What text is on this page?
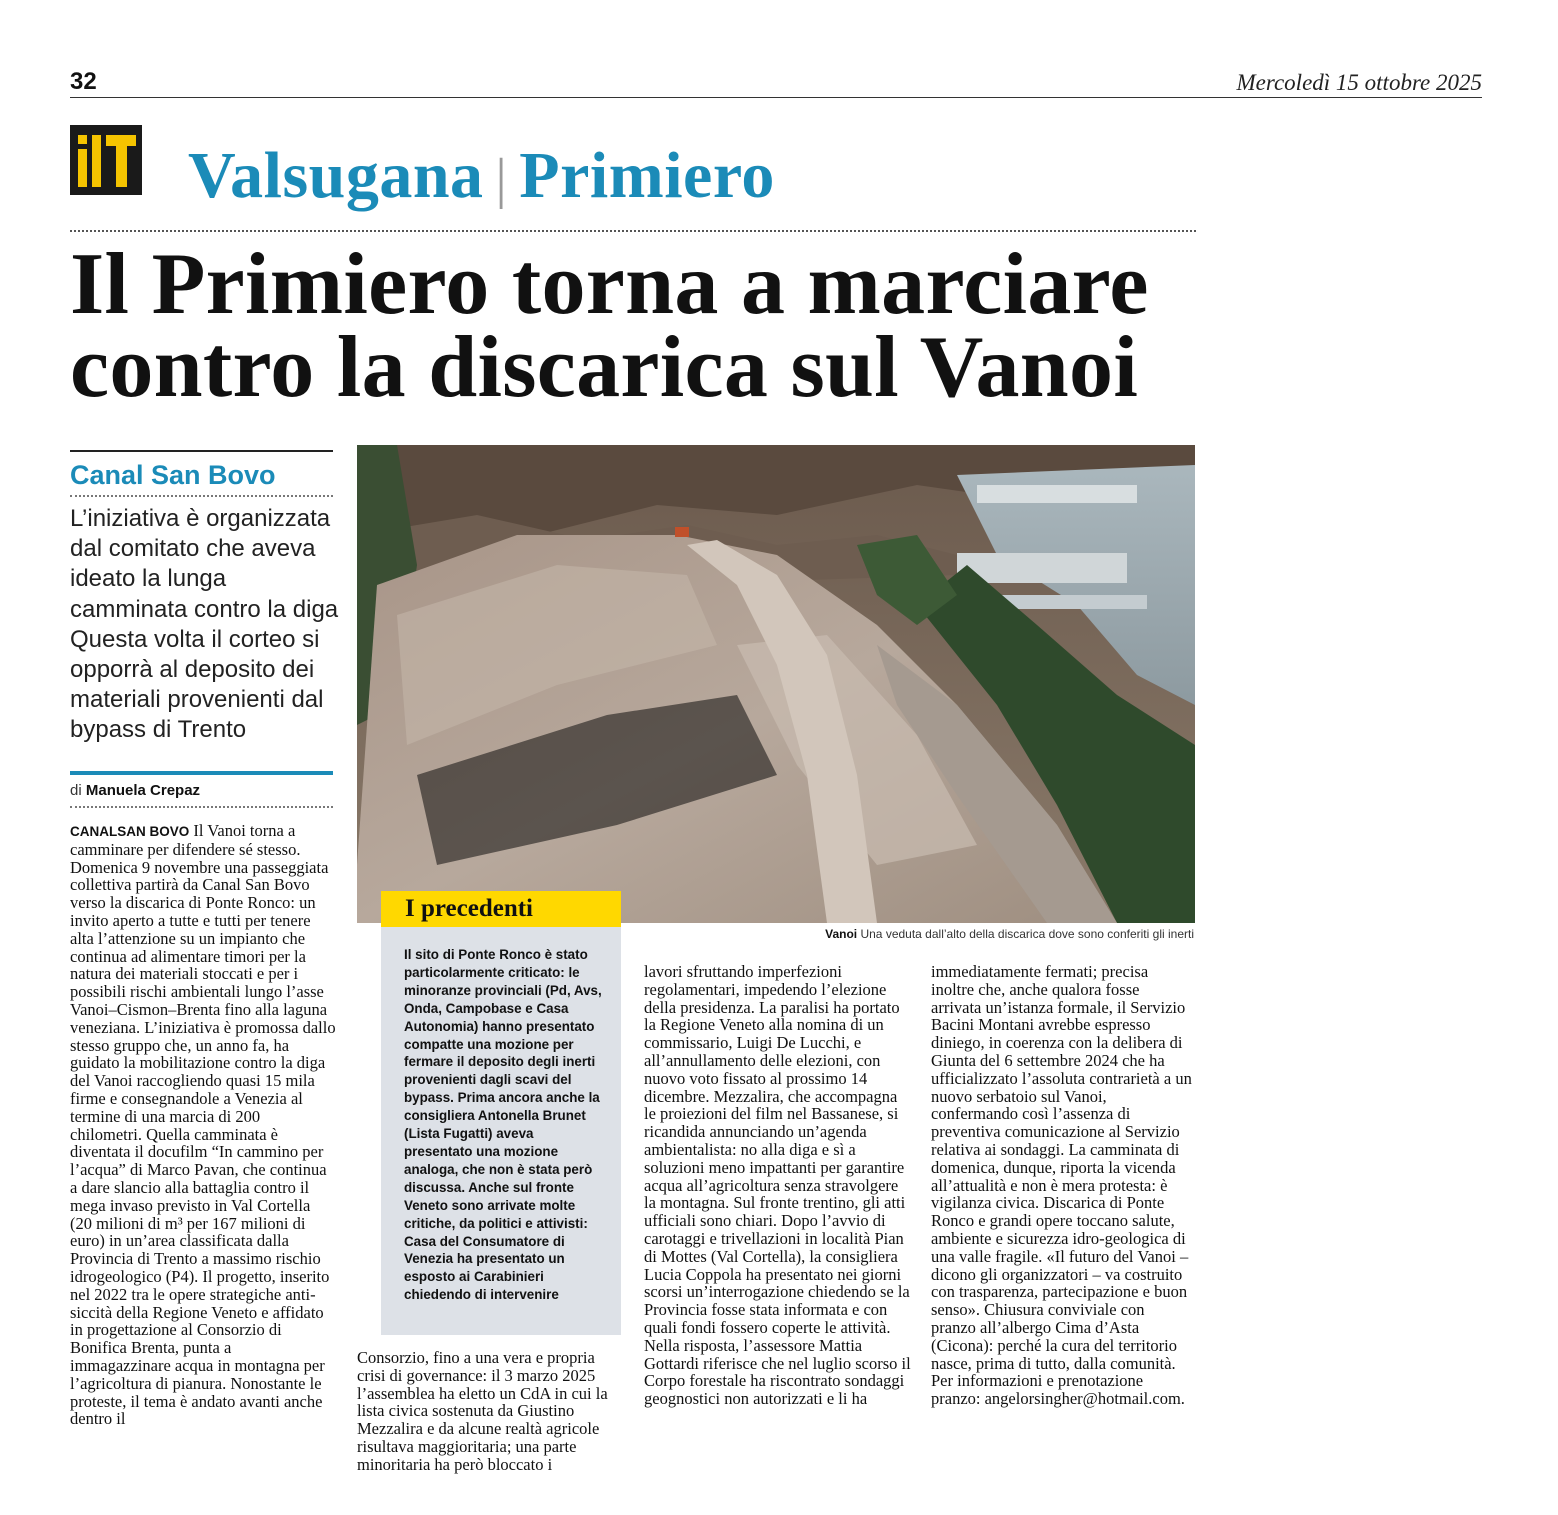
32	Mercoledì 15 ottobre 2025
Valsugana | Primiero
Il Primiero torna a marciare contro la discarica sul Vanoi
Canal San Bovo
L’iniziativa è organizzata dal comitato che aveva ideato la lunga camminata contro la diga Questa volta il corteo si opporrà al deposito dei materiali provenienti dal bypass di Trento
di Manuela Crepaz
Vanoi Una veduta dall’alto della discarica dove sono conferiti gli inerti
I precedenti
Il sito di Ponte Ronco è stato particolarmente criticato: le minoranze provinciali (Pd, Avs, Onda, Campobase e Casa Autonomia) hanno presentato compatte una mozione per fermare il deposito degli inerti provenienti dagli scavi del bypass. Prima ancora anche la consigliera Antonella Brunet (Lista Fugatti) aveva presentato una mozione analoga, che non è stata però discussa. Anche sul fronte Veneto sono arrivate molte critiche, da politici e attivisti: Casa del Consumatore di Venezia ha presentato un esposto ai Carabinieri chiedendo di intervenire
CANALSAN BOVO Il Vanoi torna a camminare per difendere sé stesso. Domenica 9 novembre una passeggiata collettiva partirà da Canal San Bovo verso la discarica di Ponte Ronco: un invito aperto a tutte e tutti per tenere alta l’attenzione su un impianto che continua ad alimentare timori per la natura dei materiali stoccati e per i possibili rischi ambientali lungo l’asse Vanoi–Cismon–Brenta fino alla laguna veneziana. L’iniziativa è promossa dallo stesso gruppo che, un anno fa, ha guidato la mobilitazione contro la diga del Vanoi raccogliendo quasi 15 mila firme e consegnandole a Venezia al termine di una marcia di 200 chilometri. Quella camminata è diventata il docufilm “In cammino per l’acqua” di Marco Pavan, che continua a dare slancio alla battaglia contro il mega invaso previsto in Val Cortella (20 milioni di m³ per 167 milioni di euro) in un’area classificata dalla Provincia di Trento a massimo rischio idrogeologico (P4). Il progetto, inserito nel 2022 tra le opere strategiche anti-siccità della Regione Veneto e affidato in progettazione al Consorzio di Bonifica Brenta, punta a immagazzinare acqua in montagna per l’agricoltura di pianura. Nonostante le proteste, il tema è andato avanti anche dentro il
Consorzio, fino a una vera e propria crisi di governance: il 3 marzo 2025 l’assemblea ha eletto un CdA in cui la lista civica sostenuta da Giustino Mezzalira e da alcune realtà agricole risultava maggioritaria; una parte minoritaria ha però bloccato i
lavori sfruttando imperfezioni regolamentari, impedendo l’elezione della presidenza. La paralisi ha portato la Regione Veneto alla nomina di un commissario, Luigi De Lucchi, e all’annullamento delle elezioni, con nuovo voto fissato al prossimo 14 dicembre. Mezzalira, che accompagna le proiezioni del film nel Bassanese, si ricandida annunciando un’agenda ambientalista: no alla diga e sì a soluzioni meno impattanti per garantire acqua all’agricoltura senza stravolgere la montagna. Sul fronte trentino, gli atti ufficiali sono chiari. Dopo l’avvio di carotaggi e trivellazioni in località Pian di Mottes (Val Cortella), la consigliera Lucia Coppola ha presentato nei giorni scorsi un’interrogazione chiedendo se la Provincia fosse stata informata e con quali fondi fossero coperte le attività. Nella risposta, l’assessore Mattia Gottardi riferisce che nel luglio scorso il Corpo forestale ha riscontrato sondaggi geognostici non autorizzati e li ha
immediatamente fermati; precisa inoltre che, anche qualora fosse arrivata un’istanza formale, il Servizio Bacini Montani avrebbe espresso diniego, in coerenza con la delibera di Giunta del 6 settembre 2024 che ha ufficializzato l’assoluta contrarietà a un nuovo serbatoio sul Vanoi, confermando così l’assenza di preventiva comunicazione al Servizio relativa ai sondaggi. La camminata di domenica, dunque, riporta la vicenda all’attualità e non è mera protesta: è vigilanza civica. Discarica di Ponte Ronco e grandi opere toccano salute, ambiente e sicurezza idro-geologica di una valle fragile. «Il futuro del Vanoi – dicono gli organizzatori – va costruito con trasparenza, partecipazione e buon senso». Chiusura conviviale con pranzo all’albergo Cima d’Asta (Cicona): perché la cura del territorio nasce, prima di tutto, dalla comunità. Per informazioni e prenotazione pranzo: angelorsingher@hotmail.com.
